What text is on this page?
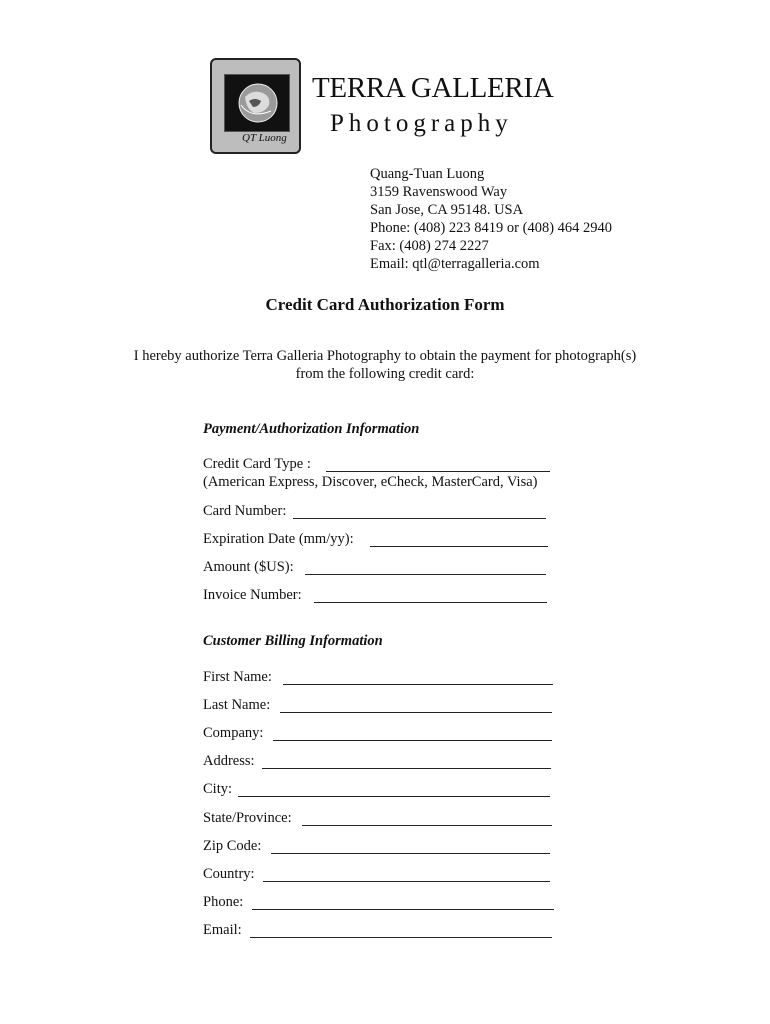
QT Luong
TERRA GALLERIA
Photography
Quang-Tuan Luong
3159 Ravenswood Way
San Jose, CA 95148. USA
Phone: (408) 223 8419 or (408) 464 2940
Fax: (408) 274 2227
Email: qtl@terragalleria.com
Credit Card Authorization Form
I hereby authorize Terra Galleria Photography to obtain the payment for photograph(s)
from the following credit card:
Payment/Authorization Information
Credit Card Type :
(American Express, Discover, eCheck, MasterCard, Visa)
Card Number:
Expiration Date (mm/yy):
Amount ($US):
Invoice Number:
Customer Billing Information
First Name:
Last Name:
Company:
Address:
City:
State/Province:
Zip Code:
Country:
Phone:
Email:
